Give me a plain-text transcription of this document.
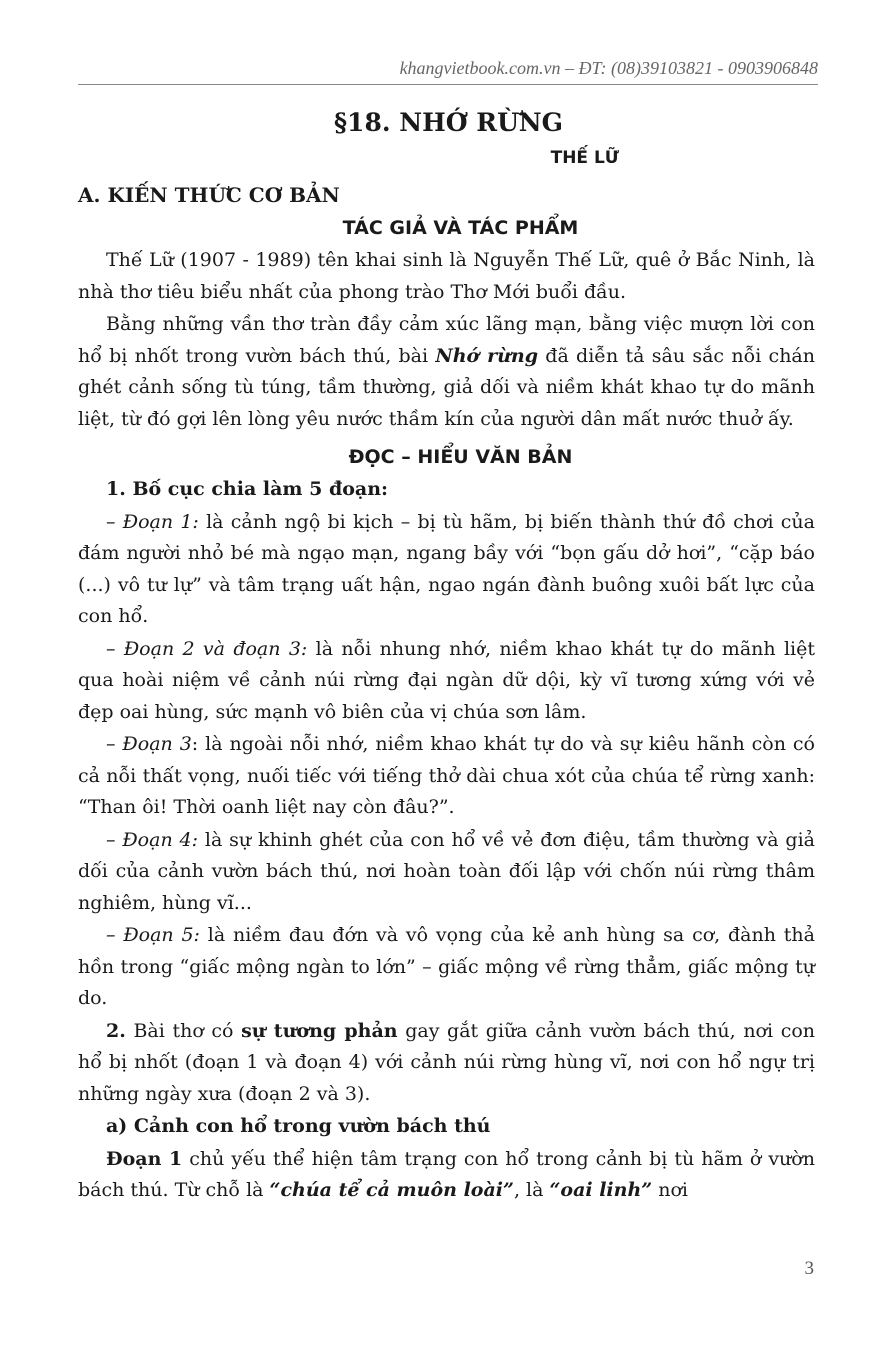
khangvietbook.com.vn – ĐT: (08)39103821 - 0903906848
§18. NHỚ RỪNG
THẾ LỮ
A. KIẾN THỨC CƠ BẢN
TÁC GIẢ VÀ TÁC PHẨM

Thế Lữ (1907 - 1989) tên khai sinh là Nguyễn Thế Lữ, quê ở Bắc Ninh, là nhà thơ tiêu biểu nhất của phong trào Thơ Mới buổi đầu.

Bằng những vần thơ tràn đầy cảm xúc lãng mạn, bằng việc mượn lời con hổ bị nhốt trong vườn bách thú, bài Nhớ rừng đã diễn tả sâu sắc nỗi chán ghét cảnh sống tù túng, tầm thường, giả dối và niềm khát khao tự do mãnh liệt, từ đó gợi lên lòng yêu nước thầm kín của người dân mất nước thuở ấy.

ĐỌC – HIỂU VĂN BẢN

1. Bố cục chia làm 5 đoạn:

– Đoạn 1: là cảnh ngộ bi kịch – bị tù hãm, bị biến thành thứ đồ chơi của đám người nhỏ bé mà ngạo mạn, ngang bầy với “bọn gấu dở hơi”, “cặp báo (...) vô tư lự” và tâm trạng uất hận, ngao ngán đành buông xuôi bất lực của con hổ.

– Đoạn 2 và đoạn 3: là nỗi nhung nhớ, niềm khao khát tự do mãnh liệt qua hoài niệm về cảnh núi rừng đại ngàn dữ dội, kỳ vĩ tương xứng với vẻ đẹp oai hùng, sức mạnh vô biên của vị chúa sơn lâm.

– Đoạn 3: là ngoài nỗi nhớ, niềm khao khát tự do và sự kiêu hãnh còn có cả nỗi thất vọng, nuối tiếc với tiếng thở dài chua xót của chúa tể rừng xanh: “Than ôi! Thời oanh liệt nay còn đâu?”.

– Đoạn 4: là sự khinh ghét của con hổ về vẻ đơn điệu, tầm thường và giả dối của cảnh vườn bách thú, nơi hoàn toàn đối lập với chốn núi rừng thâm nghiêm, hùng vĩ...

– Đoạn 5: là niềm đau đớn và vô vọng của kẻ anh hùng sa cơ, đành thả hồn trong “giấc mộng ngàn to lớn” – giấc mộng về rừng thẳm, giấc mộng tự do.

2. Bài thơ có sự tương phản gay gắt giữa cảnh vườn bách thú, nơi con hổ bị nhốt (đoạn 1 và đoạn 4) với cảnh núi rừng hùng vĩ, nơi con hổ ngự trị những ngày xưa (đoạn 2 và 3).

a) Cảnh con hổ trong vườn bách thú

Đoạn 1 chủ yếu thể hiện tâm trạng con hổ trong cảnh bị tù hãm ở vườn bách thú. Từ chỗ là “chúa tể cả muôn loài”, là “oai linh” nơi

3
